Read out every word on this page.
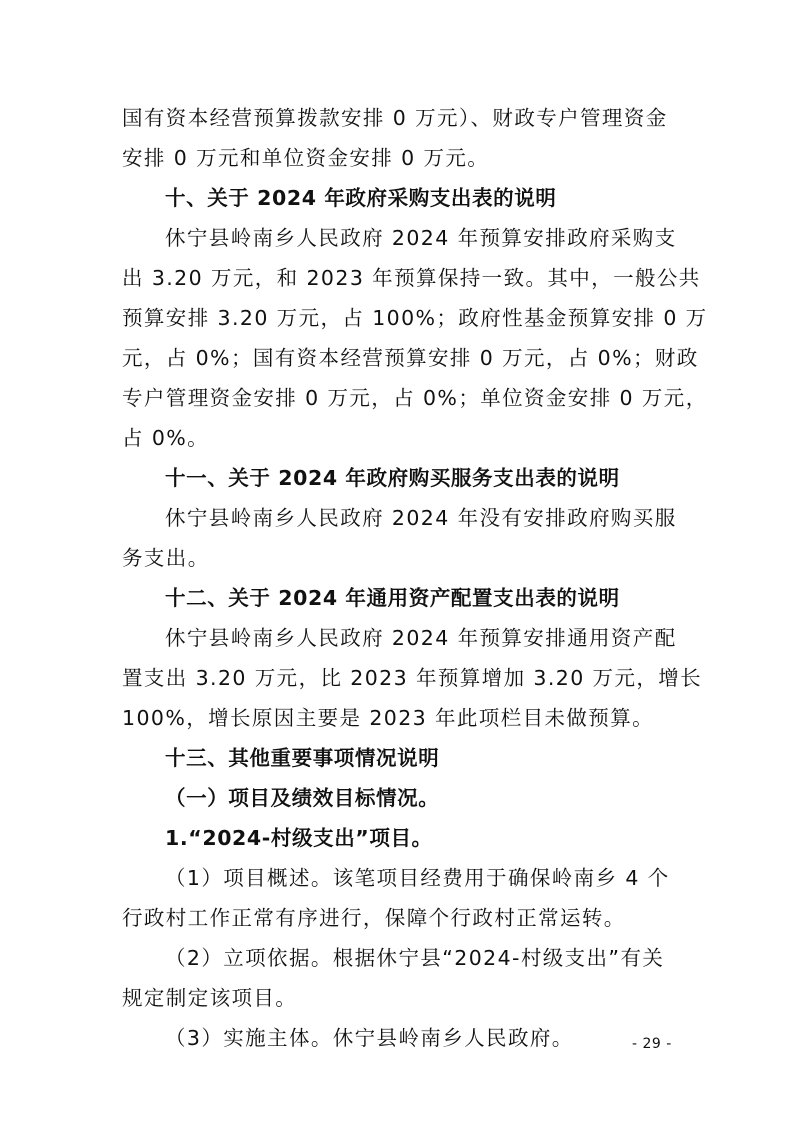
国有资本经营预算拨款安排 0 万元）、财政专户管理资金
安排 0 万元和单位资金安排 0 万元。
十、关于 2024 年政府采购支出表的说明
休宁县岭南乡人民政府 2024 年预算安排政府采购支
出 3.20 万元，和 2023 年预算保持一致。其中，一般公共
预算安排 3.20 万元，占 100%；政府性基金预算安排 0 万
元，占 0%；国有资本经营预算安排 0 万元，占 0%；财政
专户管理资金安排 0 万元，占 0%；单位资金安排 0 万元，
占 0%。
十一、关于 2024 年政府购买服务支出表的说明
休宁县岭南乡人民政府 2024 年没有安排政府购买服
务支出。
十二、关于 2024 年通用资产配置支出表的说明
休宁县岭南乡人民政府 2024 年预算安排通用资产配
置支出 3.20 万元，比 2023 年预算增加 3.20 万元，增长
100%，增长原因主要是 2023 年此项栏目未做预算。
十三、其他重要事项情况说明
（一）项目及绩效目标情况。
1.“2024-村级支出”项目。
（1）项目概述。该笔项目经费用于确保岭南乡 4 个
行政村工作正常有序进行，保障个行政村正常运转。
（2）立项依据。根据休宁县“2024-村级支出”有关
规定制定该项目。
（3）实施主体。休宁县岭南乡人民政府。	- 29 -
